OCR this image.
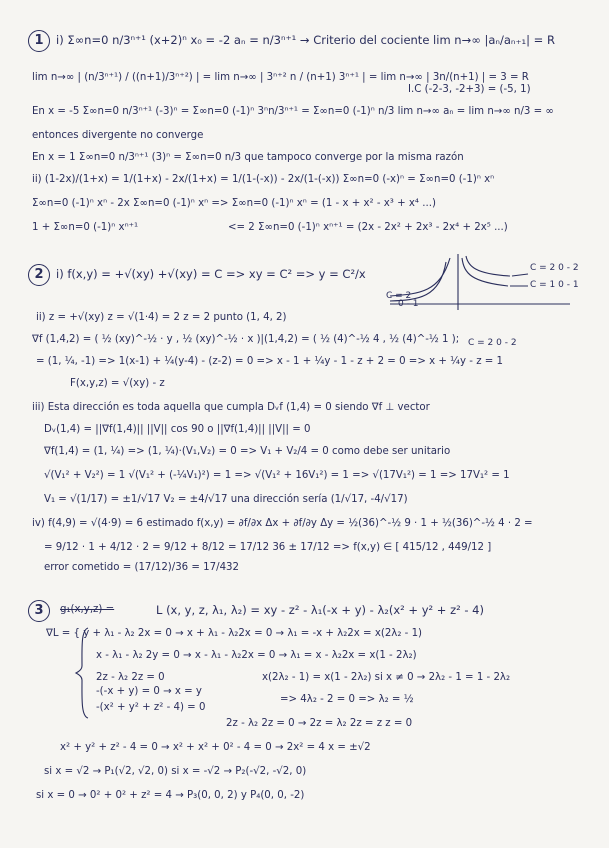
1	i) Σ∞n=0 n/3ⁿ⁺¹ (x+2)ⁿ x₀ = -2 aₙ = n/3ⁿ⁺¹ → Criterio del cociente lim n→∞ |aₙ/aₙ₊₁| = R
lim n→∞ | (n/3ⁿ⁺¹) / ((n+1)/3ⁿ⁺²) | = lim n→∞ | 3ⁿ⁺² n / (n+1) 3ⁿ⁺¹ | = lim n→∞ | 3n/(n+1) | = 3 = R
I.C (-2-3, -2+3) = (-5, 1)
En x = -5 Σ∞n=0 n/3ⁿ⁺¹ (-3)ⁿ = Σ∞n=0 (-1)ⁿ 3ⁿn/3ⁿ⁺¹ = Σ∞n=0 (-1)ⁿ n/3 lim n→∞ aₙ = lim n→∞ n/3 = ∞
entonces divergente no converge
En x = 1 Σ∞n=0 n/3ⁿ⁺¹ (3)ⁿ = Σ∞n=0 n/3 que tampoco converge por la misma razón
ii) (1-2x)/(1+x) = 1/(1+x) - 2x/(1+x) = 1/(1-(-x)) - 2x/(1-(-x)) Σ∞n=0 (-x)ⁿ = Σ∞n=0 (-1)ⁿ xⁿ
Σ∞n=0 (-1)ⁿ xⁿ - 2x Σ∞n=0 (-1)ⁿ xⁿ => Σ∞n=0 (-1)ⁿ xⁿ = (1 - x + x² - x³ + x⁴ ...)
1 + Σ∞n=0 (-1)ⁿ xⁿ⁺¹	<= 2 Σ∞n=0 (-1)ⁿ xⁿ⁺¹ = (2x - 2x² + 2x³ - 2x⁴ + 2x⁵ ...)
2	i) f(x,y) = +√(xy) +√(xy) = C => xy = C² => y = C²/x	C = 2 0 - 2
C = 1 0 - 1
C = 2
0 - 1
ii) z = +√(xy) z = √(1·4) = 2 z = 2 punto (1, 4, 2)
∇f (1,4,2) = ( ½ (xy)^-½ · y , ½ (xy)^-½ · x )|(1,4,2) = ( ½ (4)^-½ 4 , ½ (4)^-½ 1 ); C = 2 0 - 2
= (1, ¼, -1) => 1(x-1) + ¼(y-4) - (z-2) = 0 => x - 1 + ¼y - 1 - z + 2 = 0 => x + ¼y - z = 1
F(x,y,z) = √(xy) - z
iii) Esta dirección es toda aquella que cumpla Dᵥf (1,4) = 0 siendo ∇f ⊥ vector
Dᵥ(1,4) = ||∇f(1,4)|| ||V|| cos 90 o ||∇f(1,4)|| ||V|| = 0
∇f(1,4) = (1, ¼) => (1, ¼)·(V₁,V₂) = 0 => V₁ + V₂/4 = 0 como debe ser unitario
√(V₁² + V₂²) = 1 √(V₁² + (-¼V₁)²) = 1 => √(V₁² + 16V₁²) = 1 => √(17V₁²) = 1 => 17V₁² = 1
V₁ = √(1/17) = ±1/√17 V₂ = ±4/√17 una dirección sería (1/√17, -4/√17)
iv) f(4,9) = √(4·9) = 6 estimado f(x,y) = ∂f/∂x Δx + ∂f/∂y Δy = ½(36)^-½ 9 · 1 + ½(36)^-½ 4 · 2 =
= 9/12 · 1 + 4/12 · 2 = 9/12 + 8/12 = 17/12 36 ± 17/12 => f(x,y) ∈ [ 415/12 , 449/12 ]
error cometido = (17/12)/36 = 17/432
3	g₁(x,y,z) =	L (x, y, z, λ₁, λ₂) = xy - z² - λ₁(-x + y) - λ₂(x² + y² + z² - 4)
∇L = { y + λ₁ - λ₂ 2x = 0 → x + λ₁ - λ₂2x = 0 → λ₁ = -x + λ₂2x = x(2λ₂ - 1)
x - λ₁ - λ₂ 2y = 0 → x - λ₁ - λ₂2x = 0 → λ₁ = x - λ₂2x = x(1 - 2λ₂)
2z - λ₂ 2z = 0	x(2λ₂ - 1) = x(1 - 2λ₂) si x ≠ 0 → 2λ₂ - 1 = 1 - 2λ₂
-(-x + y) = 0 → x = y
=> 4λ₂ - 2 = 0 => λ₂ = ½
-(x² + y² + z² - 4) = 0
2z - λ₂ 2z = 0 → 2z = λ₂ 2z = z z = 0
x² + y² + z² - 4 = 0 → x² + x² + 0² - 4 = 0 → 2x² = 4 x = ±√2
si x = √2 → P₁(√2, √2, 0) si x = -√2 → P₂(-√2, -√2, 0)
si x = 0 → 0² + 0² + z² = 4 → P₃(0, 0, 2) y P₄(0, 0, -2)
